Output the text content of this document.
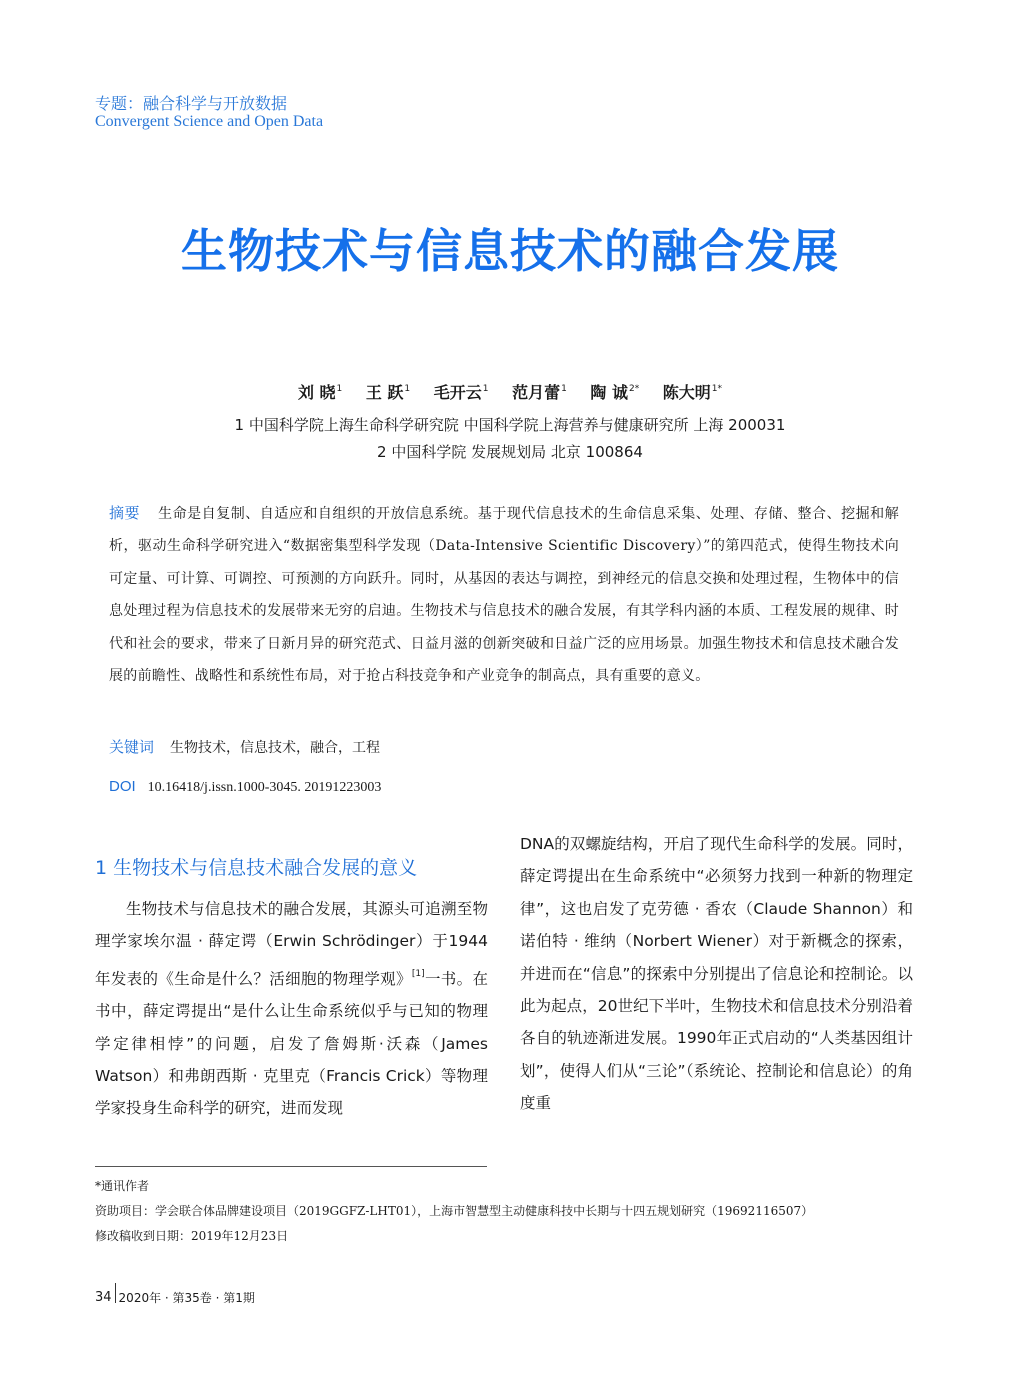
专题：融合科学与开放数据
Convergent Science and Open Data
生物技术与信息技术的融合发展
刘 晓$^1$ 王 跃$^1$ 毛开云$^1$ 范月蕾$^1$ 陶 诚$^{2*}$ 陈大明$^{1*}$
1 中国科学院上海生命科学研究院 中国科学院上海营养与健康研究所 上海 200031
2 中国科学院 发展规划局 北京 100864
摘要 生命是自复制、自适应和自组织的开放信息系统。基于现代信息技术的生命信息采集、处理、存储、整合、挖掘和解析，驱动生命科学研究进入“数据密集型科学发现（Data-Intensive Scientific Discovery）”的第四范式，使得生物技术向可定量、可计算、可调控、可预测的方向跃升。同时，从基因的表达与调控，到神经元的信息交换和处理过程，生物体中的信息处理过程为信息技术的发展带来无穷的启迪。生物技术与信息技术的融合发展，有其学科内涵的本质、工程发展的规律、时代和社会的要求，带来了日新月异的研究范式、日益月滋的创新突破和日益广泛的应用场景。加强生物技术和信息技术融合发展的前瞻性、战略性和系统性布局，对于抢占科技竞争和产业竞争的制高点，具有重要的意义。
关键词 生物技术，信息技术，融合，工程
DOI 10.16418/j.issn.1000-3045. 20191223003
1 生物技术与信息技术融合发展的意义

生物技术与信息技术的融合发展，其源头可追溯至物理学家埃尔温 · 薛定谔（Erwin Schrödinger）于1944年发表的《生命是什么？活细胞的物理学观》[1]一书。在书中，薛定谔提出“是什么让生命系统似乎与已知的物理学定律相悖”的问题，启发了詹姆斯·沃森（James Watson）和弗朗西斯 · 克里克（Francis Crick）等物理学家投身生命科学的研究，进而发现

DNA的双螺旋结构，开启了现代生命科学的发展。同时，薛定谔提出在生命系统中“必须努力找到一种新的物理定律”，这也启发了克劳德 · 香农（Claude Shannon）和诺伯特 · 维纳（Norbert Wiener）对于新概念的探索，并进而在“信息”的探索中分别提出了信息论和控制论。以此为起点，20世纪下半叶，生物技术和信息技术分别沿着各自的轨迹渐进发展。1990年正式启动的“人类基因组计划”，使得人们从“三论”（系统论、控制论和信息论）的角度重

*通讯作者
资助项目：学会联合体品牌建设项目（2019GGFZ-LHT01），上海市智慧型主动健康科技中长期与十四五规划研究（19692116507）
修改稿收到日期：2019年12月23日
34 2020年 · 第35卷 · 第1期
